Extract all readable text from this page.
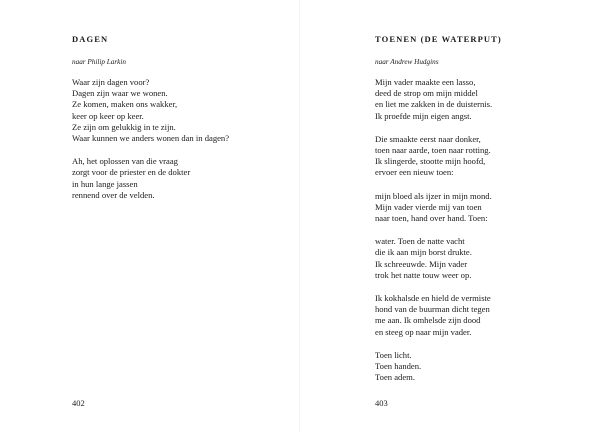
DAGEN

naar Philip Larkin

Waar zijn dagen voor?
Dagen zijn waar we wonen.
Ze komen, maken ons wakker,
keer op keer op keer.
Ze zijn om gelukkig in te zijn.
Waar kunnen we anders wonen dan in dagen?
Ah, het oplossen van die vraag
zorgt voor de priester en de dokter
in hun lange jassen
rennend over de velden.

402

TOENEN (DE WATERPUT)

naar Andrew Hudgins

Mijn vader maakte een lasso,
deed de strop om mijn middel
en liet me zakken in de duisternis.
Ik proefde mijn eigen angst.
Die smaakte eerst naar donker,
toen naar aarde, toen naar rotting.
Ik slingerde, stootte mijn hoofd,
ervoer een nieuw toen:
mijn bloed als ijzer in mijn mond.
Mijn vader vierde mij van toen
naar toen, hand over hand. Toen:
water. Toen de natte vacht
die ik aan mijn borst drukte.
Ik schreeuwde. Mijn vader
trok het natte touw weer op.
Ik kokhalsde en hield de vermiste
hond van de buurman dicht tegen
me aan. Ik omhelsde zijn dood
en steeg op naar mijn vader.
Toen licht.
Toen handen.
Toen adem.

403
